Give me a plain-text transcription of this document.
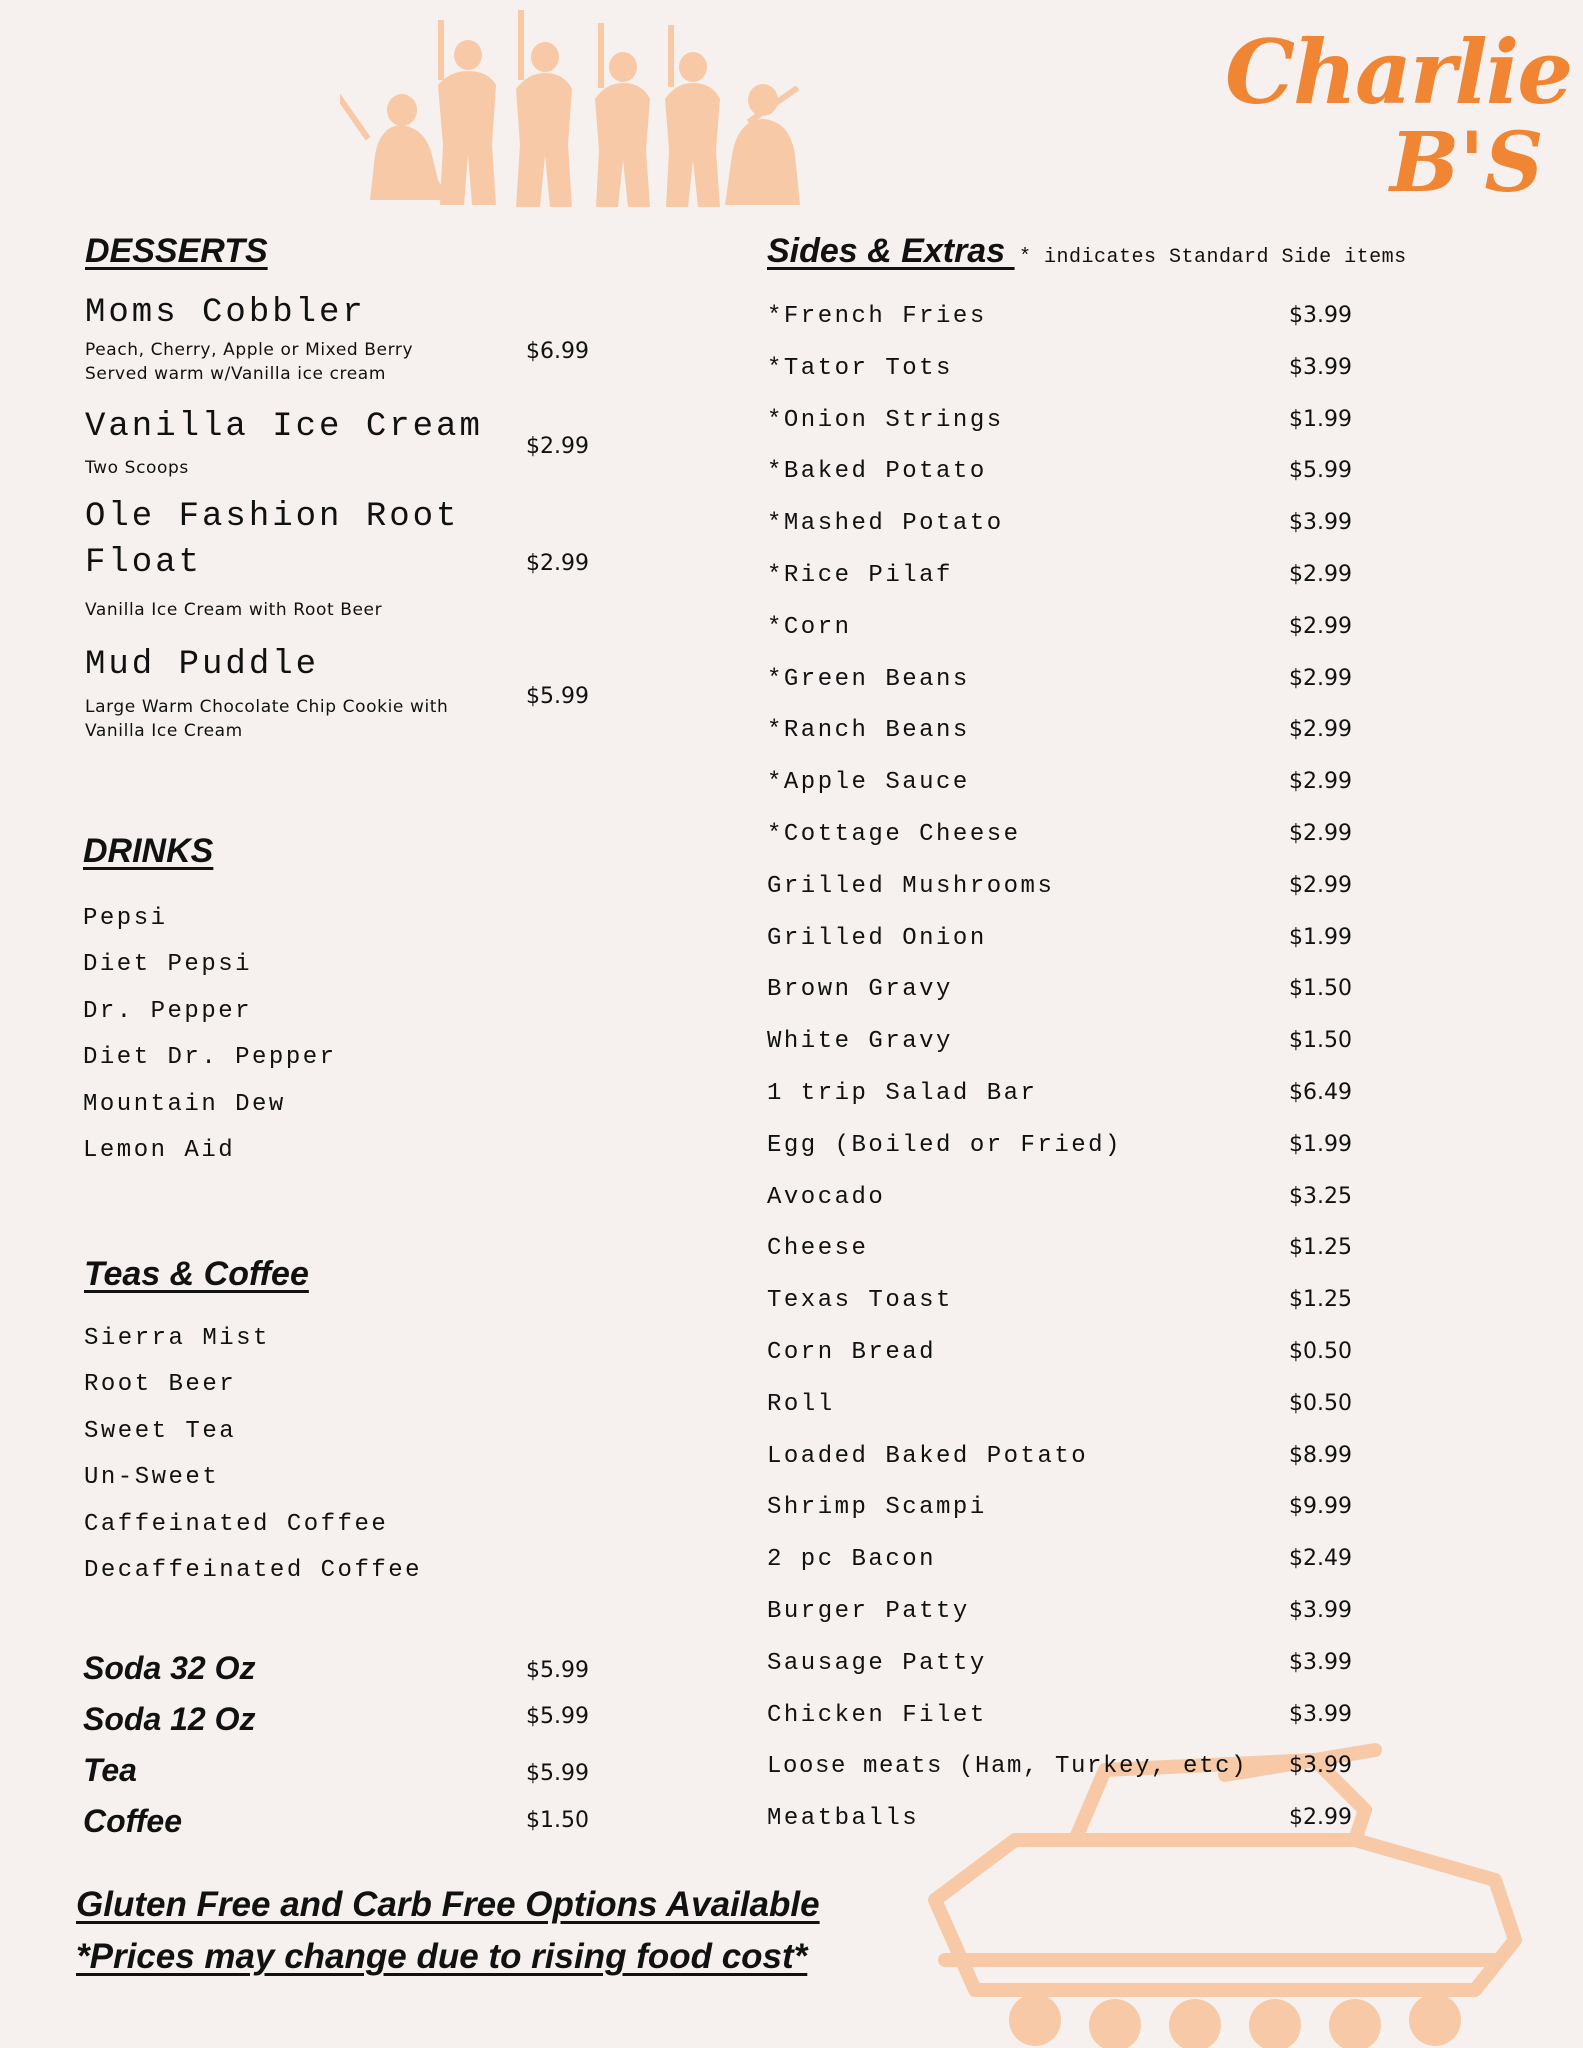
Charlie
B'S
DESSERTS
Moms Cobbler
Peach, Cherry, Apple or Mixed Berry
Served warm w/Vanilla ice cream
$6.99
Vanilla Ice Cream
Two Scoops
$2.99
Ole Fashion Root
Float
Vanilla Ice Cream with Root Beer
$2.99
Mud Puddle
Large Warm Chocolate Chip Cookie with
Vanilla Ice Cream
$5.99
DRINKS
Pepsi
Diet Pepsi
Dr. Pepper
Diet Dr. Pepper
Mountain Dew
Lemon Aid
Teas & Coffee
Sierra Mist
Root Beer
Sweet Tea
Un-Sweet
Caffeinated Coffee
Decaffeinated Coffee
Soda 32 Oz	$5.99
Soda 12 Oz	$5.99
Tea	$5.99
Coffee	$1.50
Gluten Free and Carb Free Options Available
*Prices may change due to rising food cost*
Sides & Extras  * indicates Standard Side items
*French Fries	$3.99
*Tator Tots	$3.99
*Onion Strings	$1.99
*Baked Potato	$5.99
*Mashed Potato	$3.99
*Rice Pilaf	$2.99
*Corn	$2.99
*Green Beans	$2.99
*Ranch Beans	$2.99
*Apple Sauce	$2.99
*Cottage Cheese	$2.99
Grilled Mushrooms	$2.99
Grilled Onion	$1.99
Brown Gravy	$1.50
White Gravy	$1.50
1 trip Salad Bar	$6.49
Egg (Boiled or Fried)	$1.99
Avocado	$3.25
Cheese	$1.25
Texas Toast	$1.25
Corn Bread	$0.50
Roll	$0.50
Loaded Baked Potato	$8.99
Shrimp Scampi	$9.99
2 pc Bacon	$2.49
Burger Patty	$3.99
Sausage Patty	$3.99
Chicken Filet	$3.99
Loose meats (Ham, Turkey, etc) $3.99
Meatballs	$2.99
